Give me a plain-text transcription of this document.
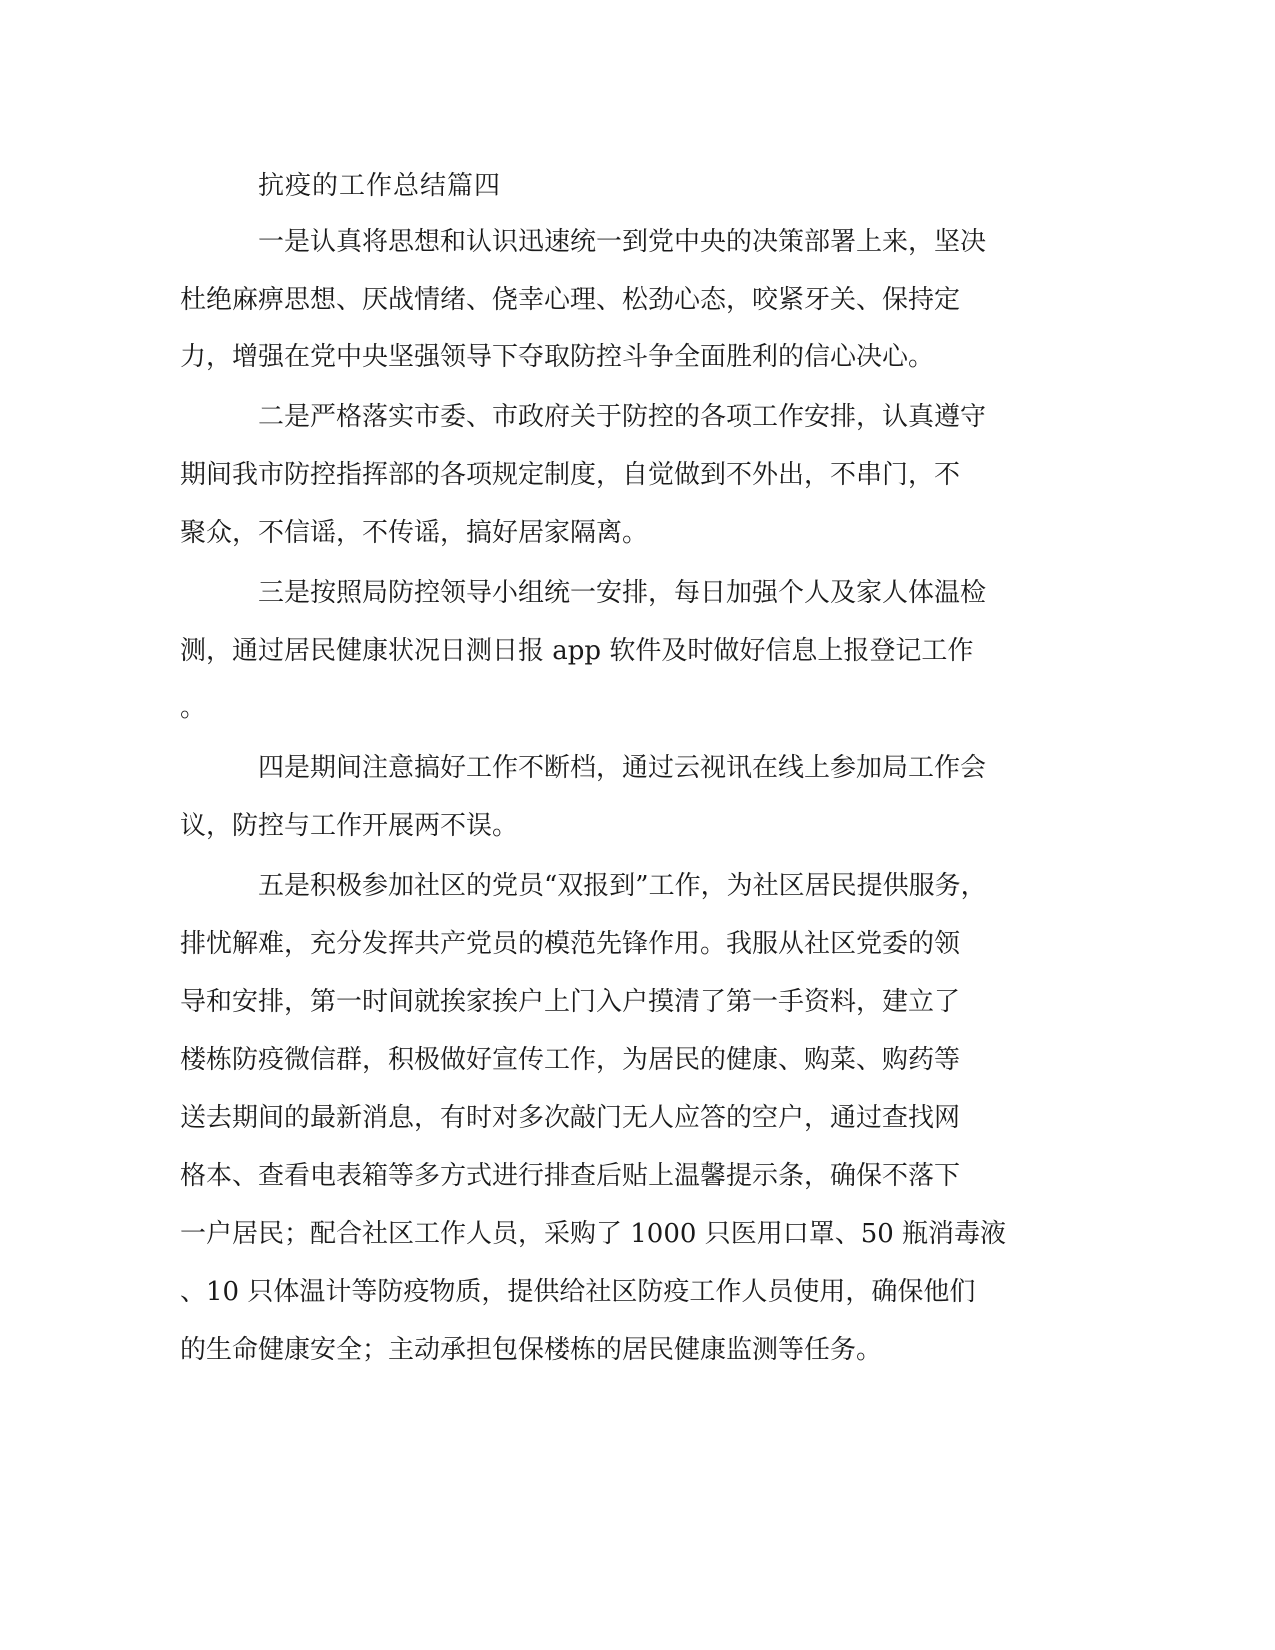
抗疫的工作总结篇四
一是认真将思想和认识迅速统一到党中央的决策部署上来，坚决
杜绝麻痹思想、厌战情绪、侥幸心理、松劲心态，咬紧牙关、保持定
力，增强在党中央坚强领导下夺取防控斗争全面胜利的信心决心。
二是严格落实市委、市政府关于防控的各项工作安排，认真遵守
期间我市防控指挥部的各项规定制度，自觉做到不外出，不串门，不
聚众，不信谣，不传谣，搞好居家隔离。
三是按照局防控领导小组统一安排，每日加强个人及家人体温检
测，通过居民健康状况日测日报 app 软件及时做好信息上报登记工作
。
四是期间注意搞好工作不断档，通过云视讯在线上参加局工作会
议，防控与工作开展两不误。
五是积极参加社区的党员“双报到”工作，为社区居民提供服务，
排忧解难，充分发挥共产党员的模范先锋作用。我服从社区党委的领
导和安排，第一时间就挨家挨户上门入户摸清了第一手资料，建立了
楼栋防疫微信群，积极做好宣传工作，为居民的健康、购菜、购药等
送去期间的最新消息，有时对多次敲门无人应答的空户，通过查找网
格本、查看电表箱等多方式进行排查后贴上温馨提示条，确保不落下
一户居民；配合社区工作人员，采购了 1000 只医用口罩、50 瓶消毒液
、10 只体温计等防疫物质，提供给社区防疫工作人员使用，确保他们
的生命健康安全；主动承担包保楼栋的居民健康监测等任务。
